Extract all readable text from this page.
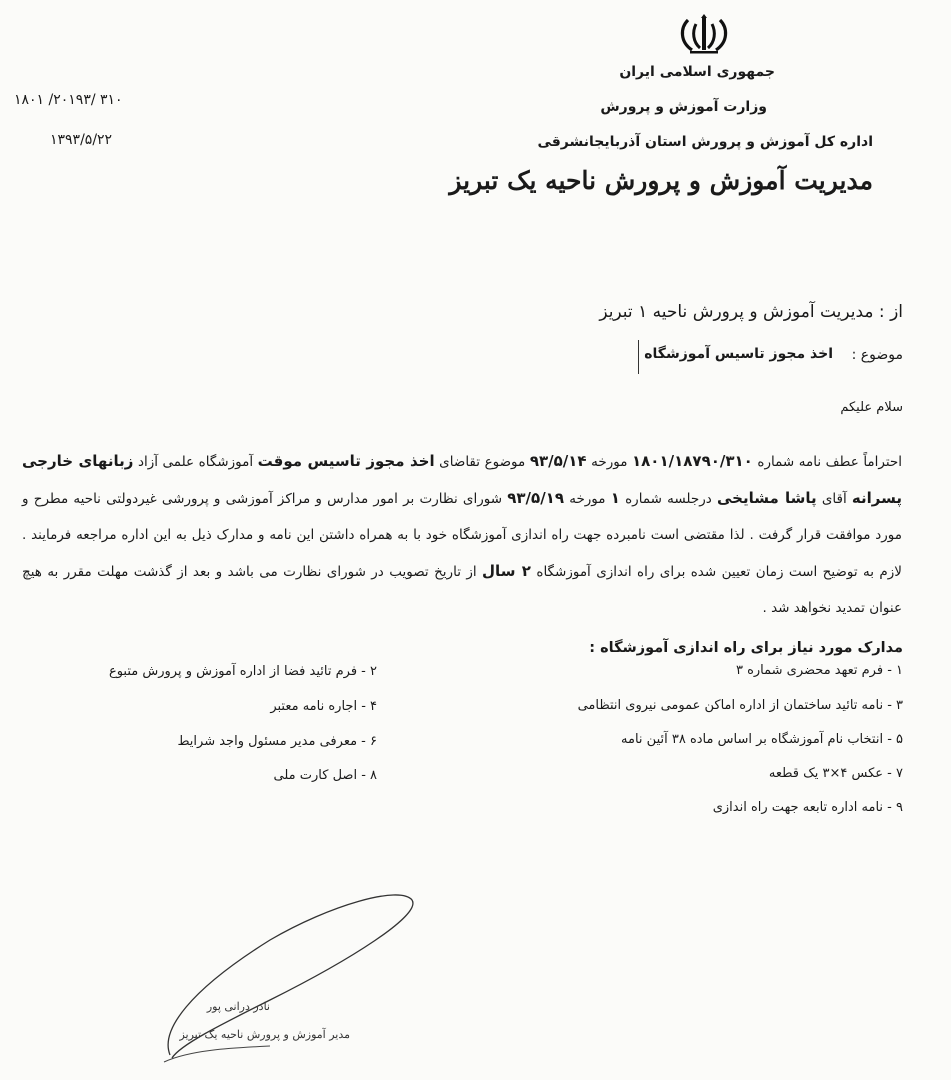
جمهوری اسلامی ایران
وزارت آموزش و پرورش
اداره کل آموزش و پرورش استان آذربایجانشرقی
مدیریت آموزش و پرورش ناحیه یک تبریز
۱۸۰۱ /۲۰۱۹۳/ ۳۱۰
۱۳۹۳/۵/۲۲
از : مدیریت آموزش و پرورش ناحیه ۱ تبریز
موضوع :
اخذ مجوز تاسیس آموزشگاه
سلام علیکم
احتراماً عطف نامه شماره ۱۸۰۱/۱۸۷۹۰/۳۱۰ مورخه ۹۳/۵/۱۴ موضوع تقاضای اخذ مجوز تاسیس موقت آموزشگاه علمی آزاد زبانهای خارجی پسرانه آقای پاشا مشایخی درجلسه شماره ۱ مورخه ۹۳/۵/۱۹ شورای نظارت بر امور مدارس و مراکز آموزشی و پرورشی غیردولتی ناحیه مطرح و مورد موافقت قرار گرفت . لذا مقتضی است نامبرده جهت راه اندازی آموزشگاه خود با به همراه داشتن این نامه و مدارک ذیل به این اداره مراجعه فرمایند . لازم به توضیح است زمان تعیین شده برای راه اندازی آموزشگاه ۲ سال از تاریخ تصویب در شورای نظارت می باشد و بعد از گذشت مهلت مقرر به هیچ عنوان تمدید نخواهد شد .
مدارک مورد نیاز برای راه اندازی آموزشگاه :
۱ - فرم تعهد محضری شماره ۳
۳ - نامه تائید ساختمان از اداره اماکن عمومی نیروی انتظامی
۵ - انتخاب نام آموزشگاه بر اساس ماده ۳۸ آئین نامه
۷ - عکس ۴×۳ یک قطعه
۹ - نامه اداره تابعه جهت راه اندازی
۲ - فرم تائید فضا از اداره آموزش و پرورش متبوع
۴ - اجاره نامه معتبر
۶ - معرفی مدیر مسئول واجد شرایط
۸ - اصل کارت ملی
نادر درانی پور
مدیر آموزش و پرورش ناحیه یک تبریز
